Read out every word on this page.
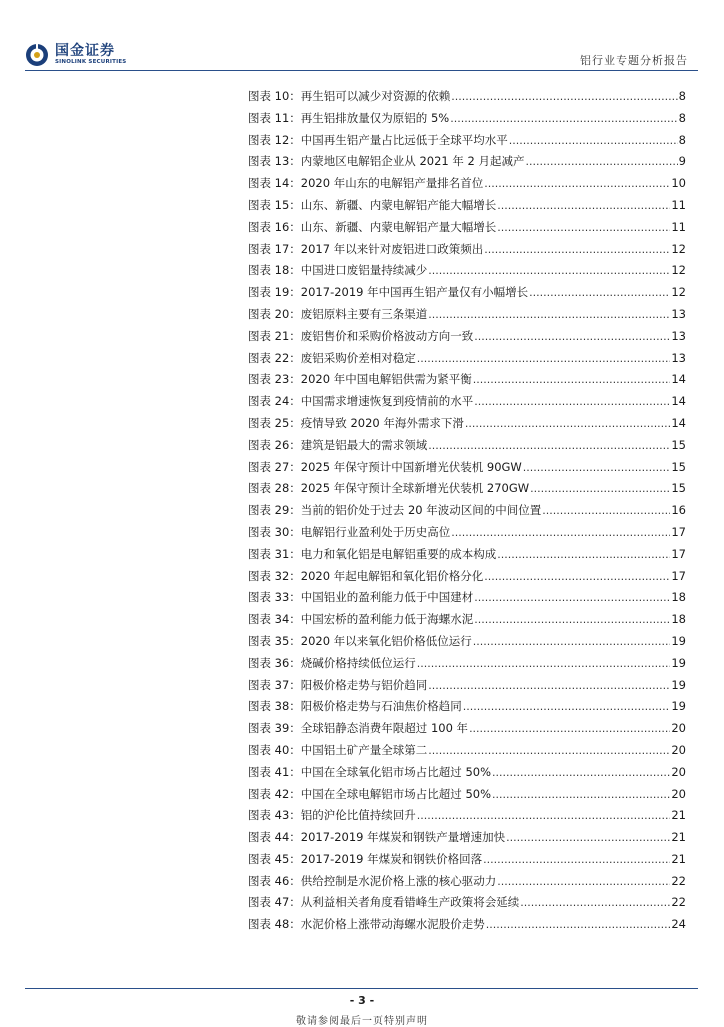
国金证券
SINOLINK SECURITIES	铝行业专题分析报告
图表 10： 再生铝可以减少对资源的依赖 .....	8
图表 11： 再生铝排放量仅为原铝的 5% .....	8
图表 12： 中国再生铝产量占比远低于全球平均水平 .....	8
图表 13： 内蒙地区电解铝企业从 2021 年 2 月起减产 .....	9
图表 14： 2020 年山东的电解铝产量排名首位 .....	10
图表 15： 山东、新疆、内蒙电解铝产能大幅增长 .....	11
图表 16： 山东、新疆、内蒙电解铝产量大幅增长 .....	11
图表 17： 2017 年以来针对废铝进口政策频出 .....	12
图表 18： 中国进口废铝量持续减少 .....	12
图表 19： 2017-2019 年中国再生铝产量仅有小幅增长 .....	12
图表 20： 废铝原料主要有三条渠道 .....	13
图表 21： 废铝售价和采购价格波动方向一致 .....	13
图表 22： 废铝采购价差相对稳定 .....	13
图表 23： 2020 年中国电解铝供需为紧平衡 .....	14
图表 24： 中国需求增速恢复到疫情前的水平 .....	14
图表 25： 疫情导致 2020 年海外需求下滑 .....	14
图表 26： 建筑是铝最大的需求领域 .....	15
图表 27： 2025 年保守预计中国新增光伏装机 90GW .....	15
图表 28： 2025 年保守预计全球新增光伏装机 270GW .....	15
图表 29： 当前的铝价处于过去 20 年波动区间的中间位置 .....	16
图表 30： 电解铝行业盈利处于历史高位 .....	17
图表 31： 电力和氧化铝是电解铝重要的成本构成 .....	17
图表 32： 2020 年起电解铝和氧化铝价格分化 .....	17
图表 33： 中国铝业的盈利能力低于中国建材 .....	18
图表 34： 中国宏桥的盈利能力低于海螺水泥 .....	18
图表 35： 2020 年以来氧化铝价格低位运行 .....	19
图表 36： 烧碱价格持续低位运行 .....	19
图表 37： 阳极价格走势与铝价趋同 .....	19
图表 38： 阳极价格走势与石油焦价格趋同 .....	19
图表 39： 全球铝静态消费年限超过 100 年 .....	20
图表 40： 中国铝土矿产量全球第二 .....	20
图表 41： 中国在全球氧化铝市场占比超过 50% .....	20
图表 42： 中国在全球电解铝市场占比超过 50% .....	20
图表 43： 铝的沪伦比值持续回升 .....	21
图表 44： 2017-2019 年煤炭和钢铁产量增速加快 .....	21
图表 45： 2017-2019 年煤炭和钢铁价格回落 .....	21
图表 46： 供给控制是水泥价格上涨的核心驱动力 .....	22
图表 47： 从利益相关者角度看错峰生产政策将会延续 .....	22
图表 48： 水泥价格上涨带动海螺水泥股价走势 .....	24
- 3 -
敬请参阅最后一页特别声明
